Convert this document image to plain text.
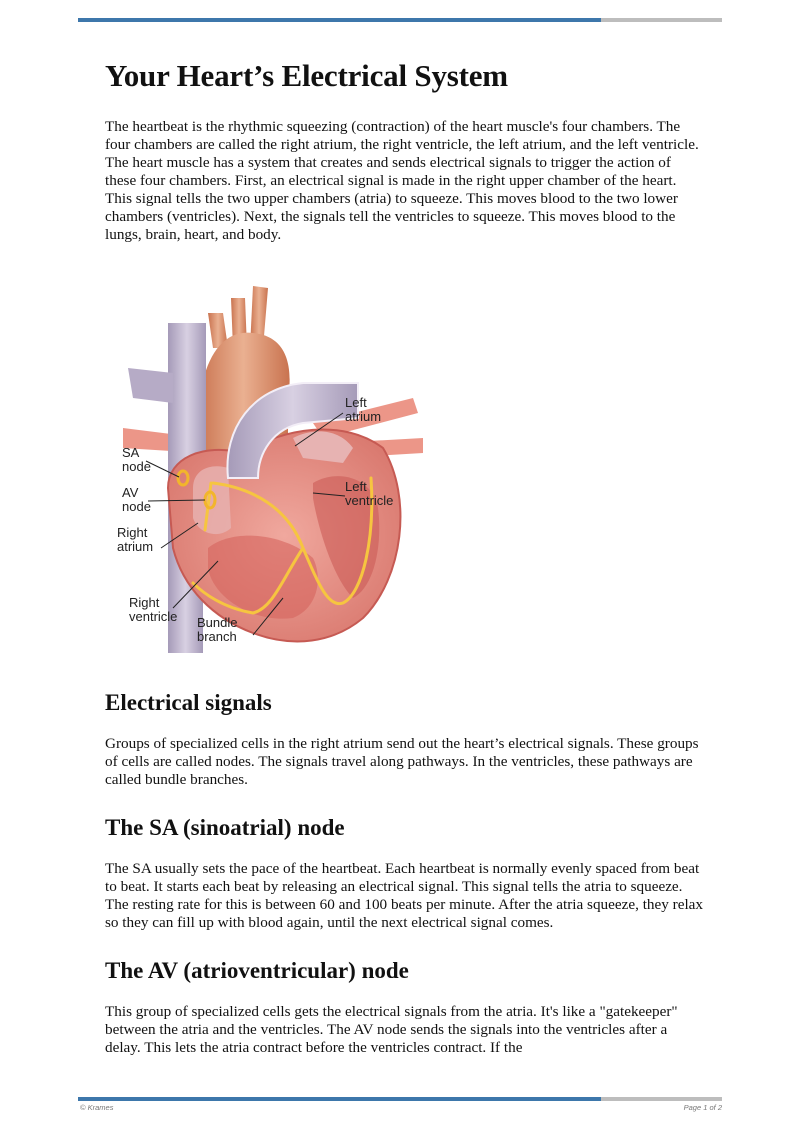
Your Heart’s Electrical System

The heartbeat is the rhythmic squeezing (contraction) of the heart muscle's four chambers. The four chambers are called the right atrium, the right ventricle, the left atrium, and the left ventricle. The heart muscle has a system that creates and sends electrical signals to trigger the action of these four chambers. First, an electrical signal is made in the right upper chamber of the heart. This signal tells the two upper chambers (atria) to squeeze. This moves blood to the two lower chambers (ventricles). Next, the signals tell the ventricles to squeeze. This moves blood to the lungs, brain, heart, and body.

Left
atrium
Left
ventricle
SA
node
AV
node
Right
atrium
Right
ventricle Bundle
branch
Electrical signals

Groups of specialized cells in the right atrium send out the heart’s electrical signals. These groups of cells are called nodes. The signals travel along pathways. In the ventricles, these pathways are called bundle branches.

The SA (sinoatrial) node

The SA usually sets the pace of the heartbeat. Each heartbeat is normally evenly spaced from beat to beat. It starts each beat by releasing an electrical signal. This signal tells the atria to squeeze. The resting rate for this is between 60 and 100 beats per minute. After the atria squeeze, they relax so they can fill up with blood again, until the next electrical signal comes.

The AV (atrioventricular) node

This group of specialized cells gets the electrical signals from the atria. It's like a "gatekeeper" between the atria and the ventricles. The AV node sends the signals into the ventricles after a delay. This lets the atria contract before the ventricles contract. If the

© Krames	Page 1 of 2
